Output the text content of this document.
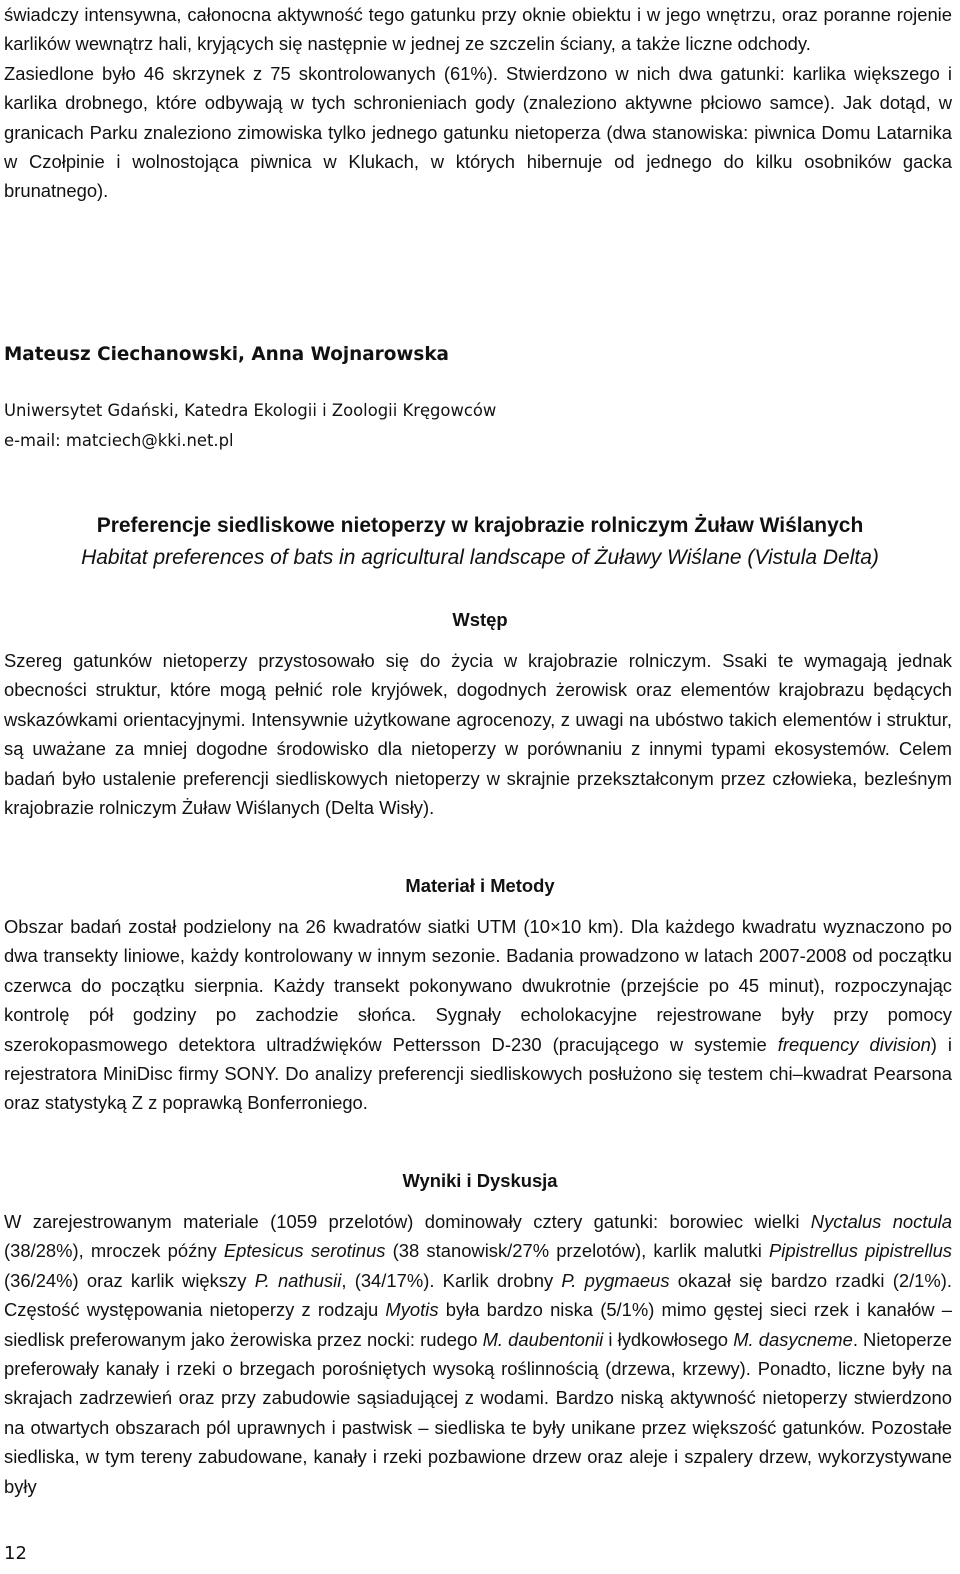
świadczy intensywna, całonocna aktywność tego gatunku przy oknie obiektu i w jego wnętrzu, oraz poranne rojenie karlików wewnątrz hali, kryjących się następnie w jednej ze szczelin ściany, a także liczne odchody.
Zasiedlone było 46 skrzynek z 75 skontrolowanych (61%). Stwierdzono w nich dwa gatunki: karlika większego i karlika drobnego, które odbywają w tych schronieniach gody (znaleziono aktywne płciowo samce). Jak dotąd, w granicach Parku znaleziono zimowiska tylko jednego gatunku nietoperza (dwa stanowiska: piwnica Domu Latarnika w Czołpinie i wolnostojąca piwnica w Klukach, w których hibernuje od jednego do kilku osobników gacka brunatnego).

Mateusz Ciechanowski, Anna Wojnarowska
Uniwersytet Gdański, Katedra Ekologii i Zoologii Kręgowców
e-mail: matciech@kki.net.pl
Preferencje siedliskowe nietoperzy w krajobrazie rolniczym Żuław Wiślanych
Habitat preferences of bats in agricultural landscape of Żuławy Wiślane (Vistula Delta)
Wstęp

Szereg gatunków nietoperzy przystosowało się do życia w krajobrazie rolniczym. Ssaki te wymagają jednak obecności struktur, które mogą pełnić role kryjówek, dogodnych żerowisk oraz elementów krajobrazu będących wskazówkami orientacyjnymi. Intensywnie użytkowane agrocenozy, z uwagi na ubóstwo takich elementów i struktur, są uważane za mniej dogodne środowisko dla nietoperzy w porównaniu z innymi typami ekosystemów. Celem badań było ustalenie preferencji siedliskowych nietoperzy w skrajnie przekształconym przez człowieka, bezleśnym krajobrazie rolniczym Żuław Wiślanych (Delta Wisły).

Materiał i Metody

Obszar badań został podzielony na 26 kwadratów siatki UTM (10×10 km). Dla każdego kwadratu wyznaczono po dwa transekty liniowe, każdy kontrolowany w innym sezonie. Badania prowadzono w latach 2007-2008 od początku czerwca do początku sierpnia. Każdy transekt pokonywano dwukrotnie (przejście po 45 minut), rozpoczynając kontrolę pół godziny po zachodzie słońca. Sygnały echolokacyjne rejestrowane były przy pomocy szerokopasmowego detektora ultradźwięków Pettersson D-230 (pracującego w systemie frequency division) i rejestratora MiniDisc firmy SONY. Do analizy preferencji siedliskowych posłużono się testem chi–kwadrat Pearsona oraz statystyką Z z poprawką Bonferroniego.

Wyniki i Dyskusja

W zarejestrowanym materiale (1059 przelotów) dominowały cztery gatunki: borowiec wielki Nyctalus noctula (38/28%), mroczek późny Eptesicus serotinus (38 stanowisk/27% przelotów), karlik malutki Pipistrellus pipistrellus (36/24%) oraz karlik większy P. nathusii, (34/17%). Karlik drobny P. pygmaeus okazał się bardzo rzadki (2/1%). Częstość występowania nietoperzy z rodzaju Myotis była bardzo niska (5/1%) mimo gęstej sieci rzek i kanałów – siedlisk preferowanym jako żerowiska przez nocki: rudego M. daubentonii i łydkowłosego M. dasycneme. Nietoperze preferowały kanały i rzeki o brzegach porośniętych wysoką roślinnością (drzewa, krzewy). Ponadto, liczne były na skrajach zadrzewień oraz przy zabudowie sąsiadującej z wodami. Bardzo niską aktywność nietoperzy stwierdzono na otwartych obszarach pól uprawnych i pastwisk – siedliska te były unikane przez większość gatunków. Pozostałe siedliska, w tym tereny zabudowane, kanały i rzeki pozbawione drzew oraz aleje i szpalery drzew, wykorzystywane były

12
